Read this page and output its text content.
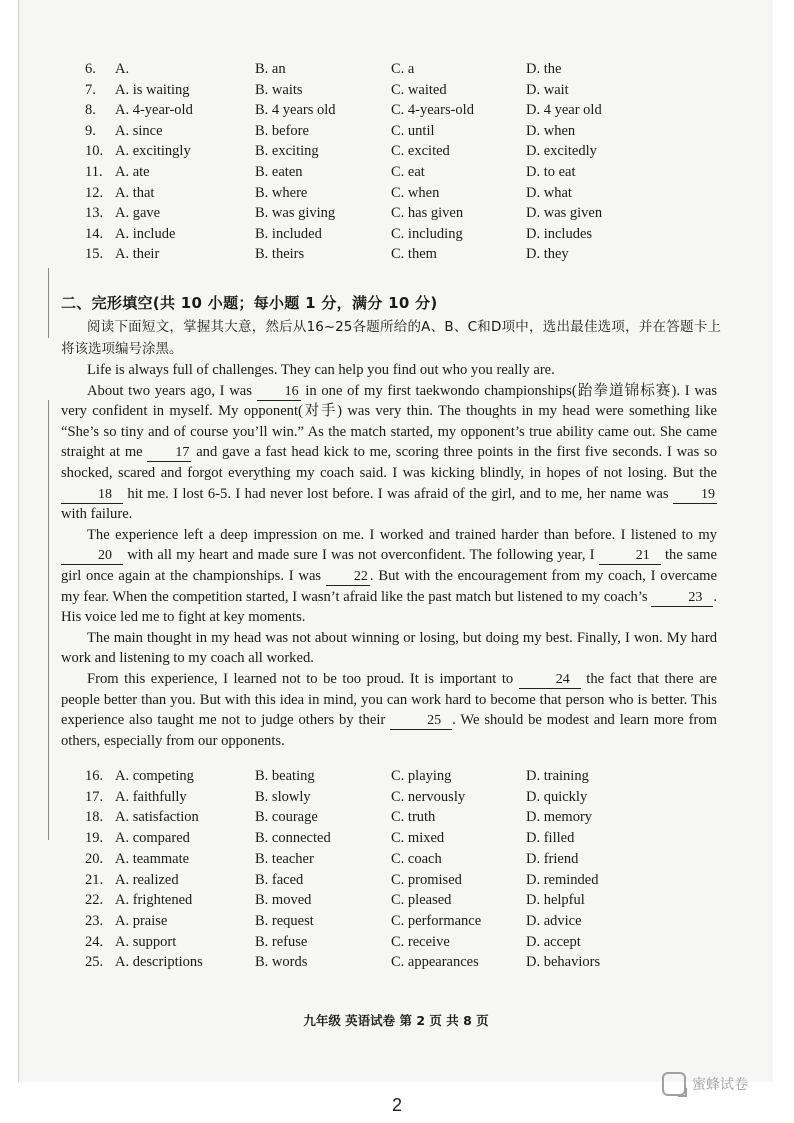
6. A.	B. an	C. a	D. the
7. A. is waiting	B. waits	C. waited	D. wait
8. A. 4-year-old	B. 4 years old	C. 4-years-old	D. 4 year old
9. A. since	B. before	C. until	D. when
10. A. excitingly	B. exciting	C. excited	D. excitedly
11. A. ate	B. eaten	C. eat	D. to eat
12. A. that	B. where	C. when	D. what
13. A. gave	B. was giving	C. has given	D. was given
14. A. include	B. included	C. including	D. includes
15. A. their	B. theirs	C. them	D. they
二、完形填空(共 10 小题；每小题 1 分，满分 10 分)
阅读下面短文，掌握其大意，然后从16~25各题所给的A、B、C和D项中，选出最佳选项，并在答题卡上将该选项编号涂黑。

Life is always full of challenges. They can help you find out who you really are.

About two years ago, I was 16 in one of my first taekwondo championships(跆拳道锦标赛). I was very confident in myself. My opponent(对手) was very thin. The thoughts in my head were something like “She’s so tiny and of course you’ll win.” As the match started, my opponent’s true ability came out. She came straight at me 17 and gave a fast head kick to me, scoring three points in the first five seconds. I was so shocked, scared and forgot everything my coach said. I was kicking blindly, in hopes of not losing. But the 18 hit me. I lost 6-5. I had never lost before. I was afraid of the girl, and to me, her name was 19 with failure.

The experience left a deep impression on me. I worked and trained harder than before. I listened to my 20 with all my heart and made sure I was not overconfident. The following year, I	21 the same girl once again at the championships. I was 22 . But with the encouragement from my coach, I overcame my fear. When the competition started, I wasn’t afraid like the past match but listened to my coach’s	23 . His voice led me to fight at key moments.

The main thought in my head was not about winning or losing, but doing my best. Finally, I won. My hard work and listening to my coach all worked.

From this experience, I learned not to be too proud. It is important to	24 the fact that there are people better than you. But with this idea in mind, you can work hard to become that person who is better. This experience also taught me not to judge others by their	25 . We should be modest and learn more from others, especially from our opponents.

16. A. competing	B. beating	C. playing	D. training
17. A. faithfully	B. slowly	C. nervously	D. quickly
18. A. satisfaction	B. courage	C. truth	D. memory
19. A. compared	B. connected	C. mixed	D. filled
20. A. teammate	B. teacher	C. coach	D. friend
21. A. realized	B. faced	C. promised	D. reminded
22. A. frightened	B. moved	C. pleased	D. helpful
23. A. praise	B. request	C. performance	D. advice
24. A. support	B. refuse	C. receive	D. accept
25. A. descriptions	B. words	C. appearances	D. behaviors
九年级 英语试卷 第 2 页 共 8 页
蜜蜂试卷
2
